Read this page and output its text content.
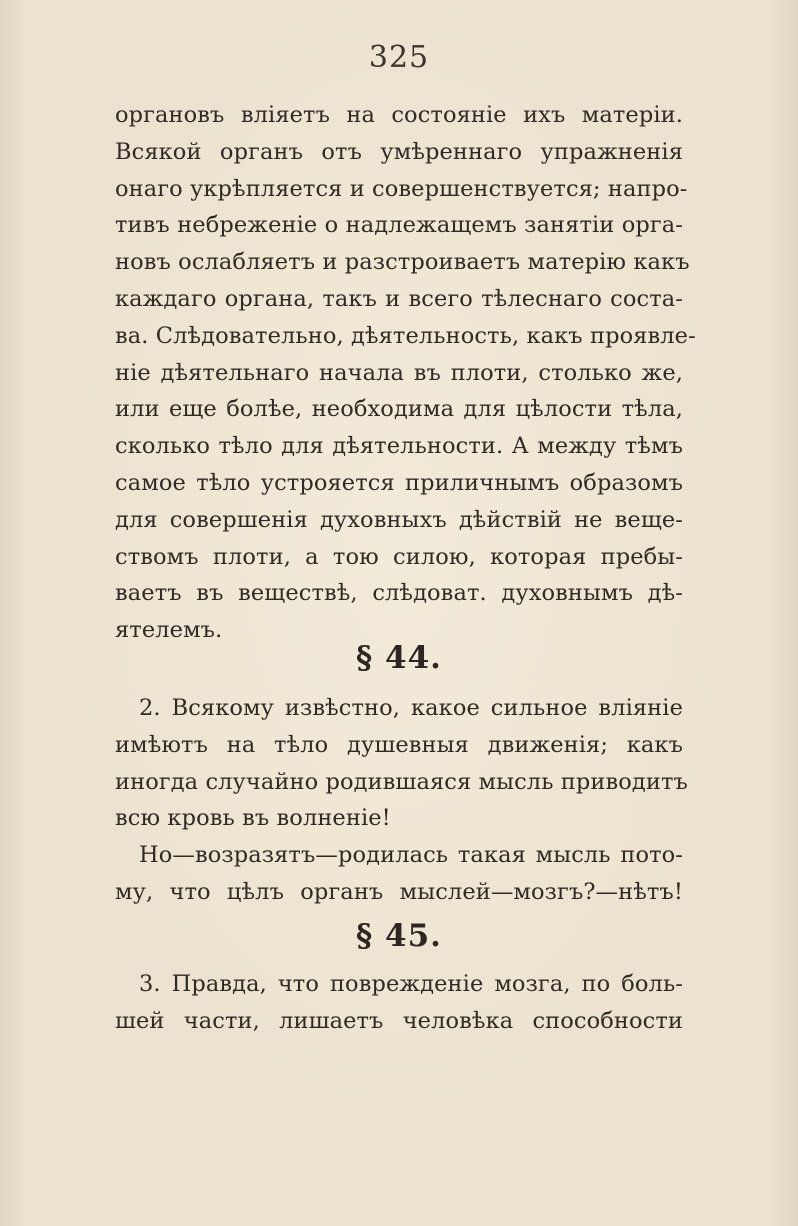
325
органовъ вліяетъ на состояніе ихъ матеріи.
Всякой органъ отъ умѣреннаго упражненія
онаго укрѣпляется и совершенствуется; напро-
тивъ небреженіе о надлежащемъ занятіи орга-
новъ ослабляетъ и разстроиваетъ матерію какъ
каждаго органа, такъ и всего тѣлеснаго соста-
ва. Слѣдовательно, дѣятельность, какъ проявле-
ніе дѣятельнаго начала въ плоти, столько же,
или еще болѣе, необходима для цѣлости тѣла,
сколько тѣло для дѣятельности. А между тѣмъ
самое тѣло устрояется приличнымъ образомъ
для совершенія духовныхъ дѣйствій не веще-
ствомъ плоти, а тою силою, которая пребы-
ваетъ въ веществѣ, слѣдоват. духовнымъ дѣ-
ятелемъ.
§ 44.
2. Всякому извѣстно, какое сильное вліяніе
имѣютъ на тѣло душевныя движенія; какъ
иногда случайно родившаяся мысль приводитъ
всю кровь въ волненіе!
Но—возразятъ—родилась такая мысль пото-
му, что цѣлъ органъ мыслей—мозгъ?—нѣтъ!
§ 45.
3. Правда, что поврежденіе мозга, по боль-
шей части, лишаетъ человѣка способности
